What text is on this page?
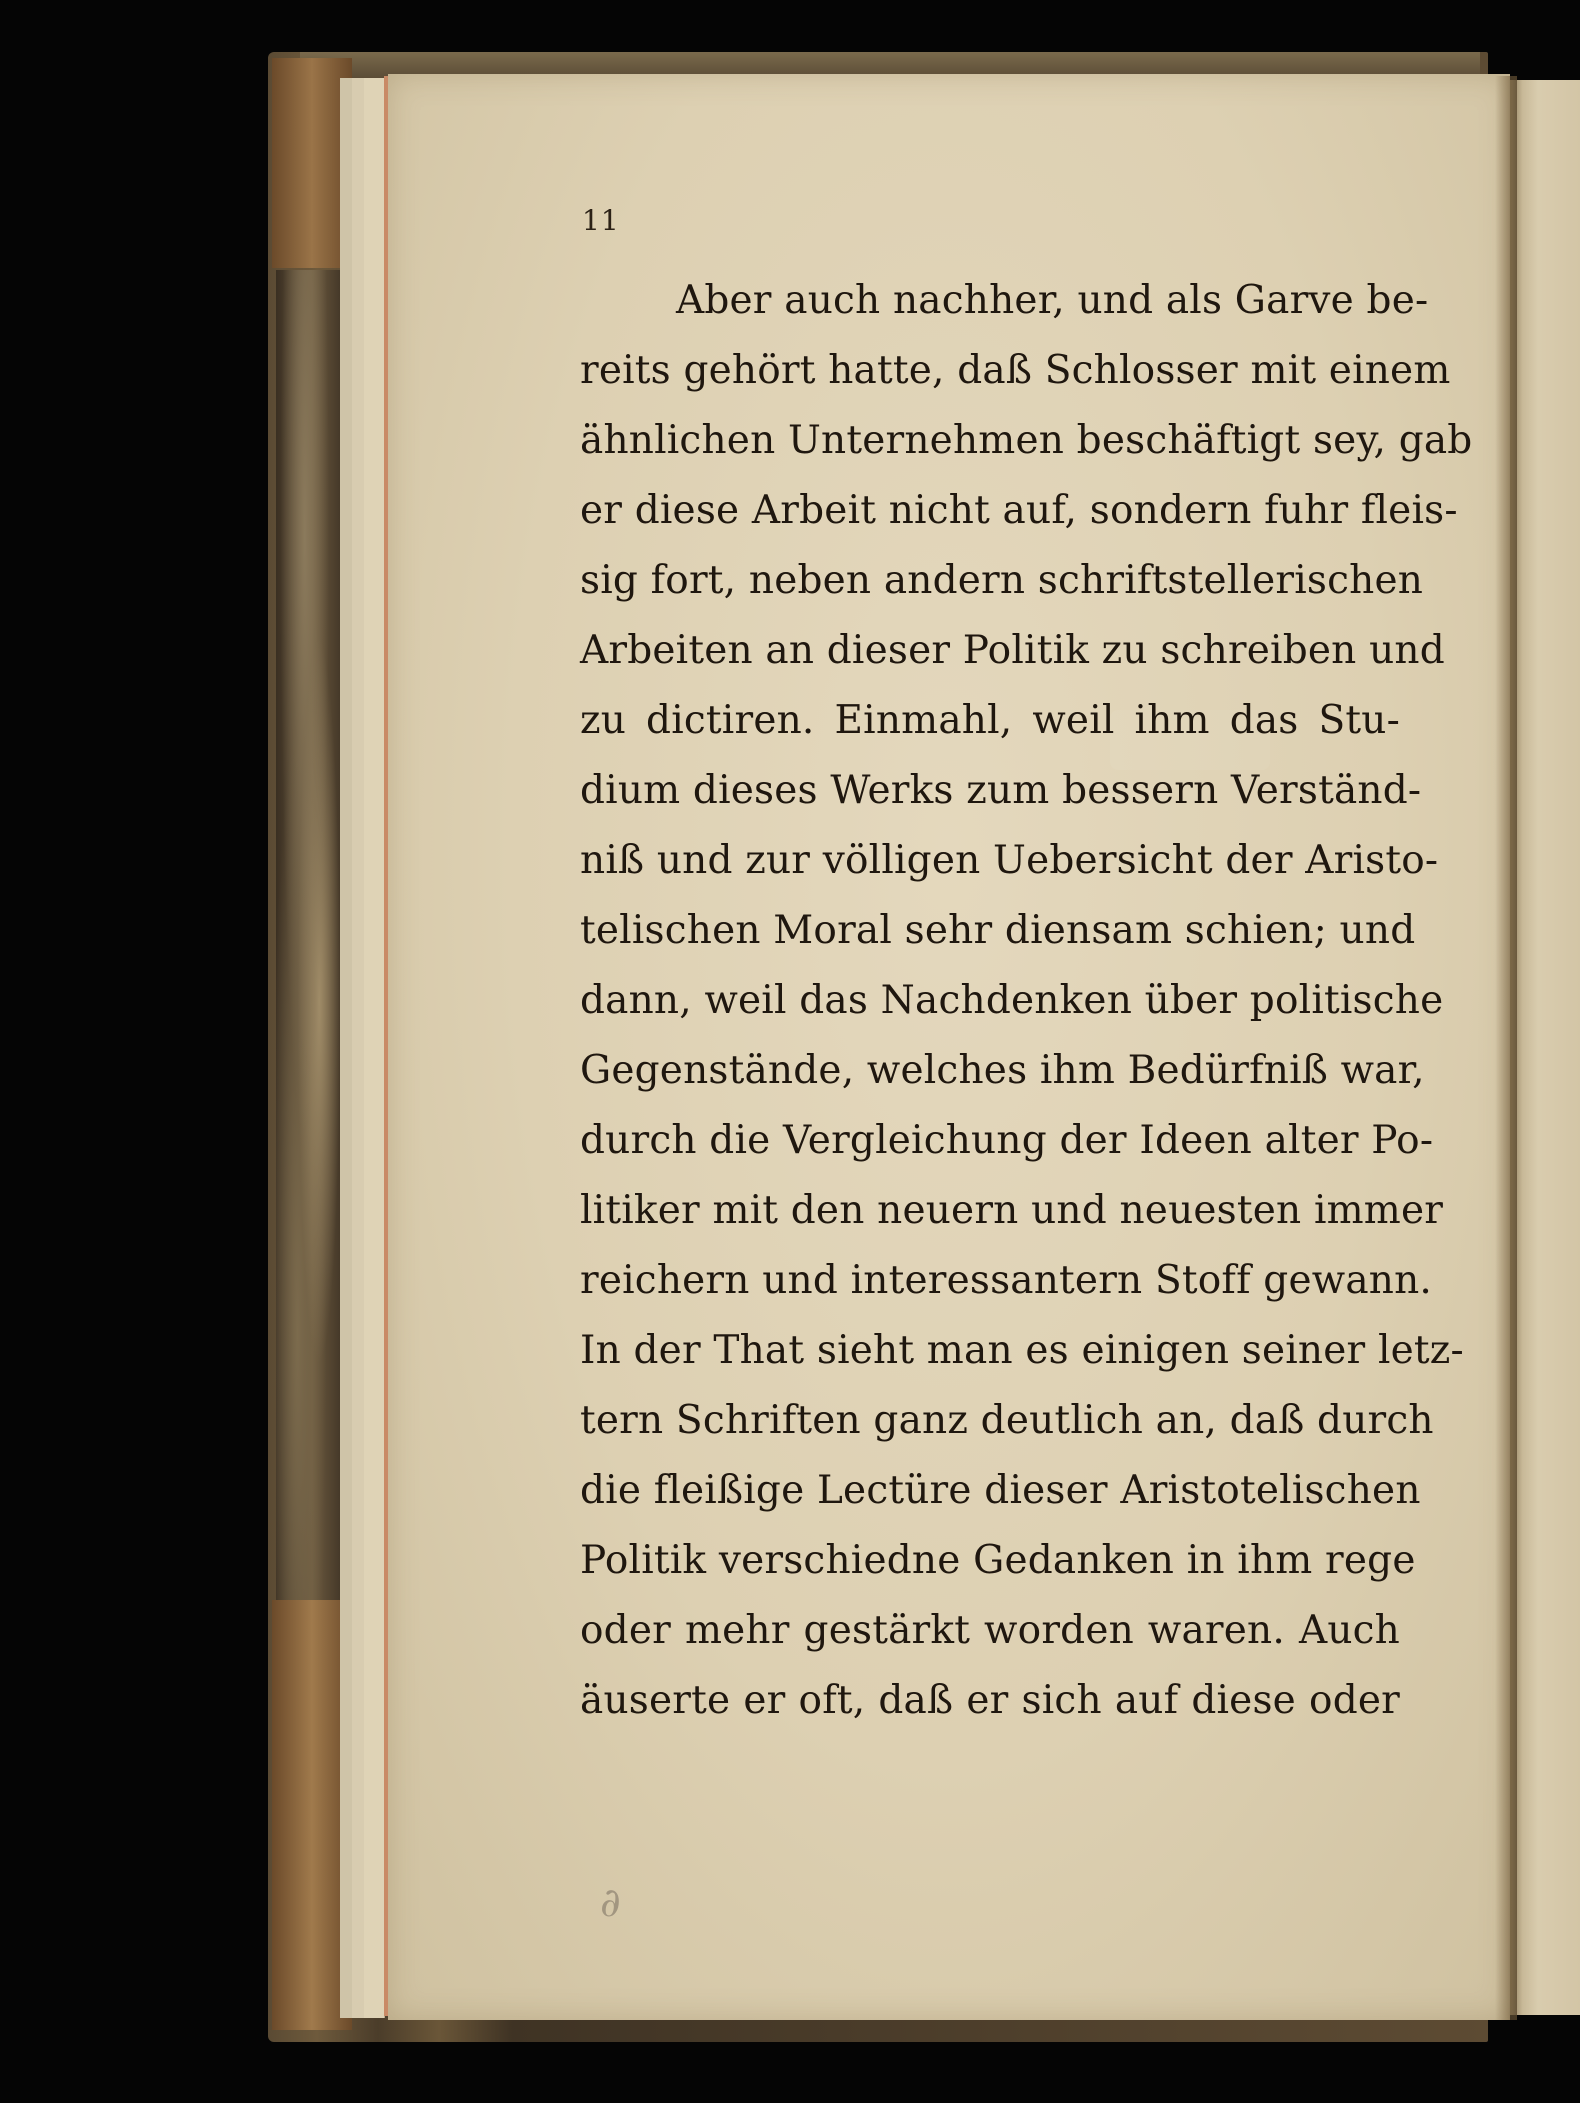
11
Aber auch nachher, und als Garve be-
reits gehört hatte, daß Schlosser mit einem
ähnlichen Unternehmen beschäftigt sey, gab
er diese Arbeit nicht auf, sondern fuhr fleis-
sig fort, neben andern schriftstellerischen
Arbeiten an dieser Politik zu schreiben und
zu dictiren. Einmahl, weil ihm das Stu-
dium dieses Werks zum bessern Verständ-
niß und zur völligen Uebersicht der Aristo-
telischen Moral sehr diensam schien; und
dann, weil das Nachdenken über politische
Gegenstände, welches ihm Bedürfniß war,
durch die Vergleichung der Ideen alter Po-
litiker mit den neuern und neuesten immer
reichern und interessantern Stoff gewann.
In der That sieht man es einigen seiner letz-
tern Schriften ganz deutlich an, daß durch
die fleißige Lectüre dieser Aristotelischen
Politik verschiedne Gedanken in ihm rege
oder mehr gestärkt worden waren. Auch
äuserte er oft, daß er sich auf diese oder
∂
